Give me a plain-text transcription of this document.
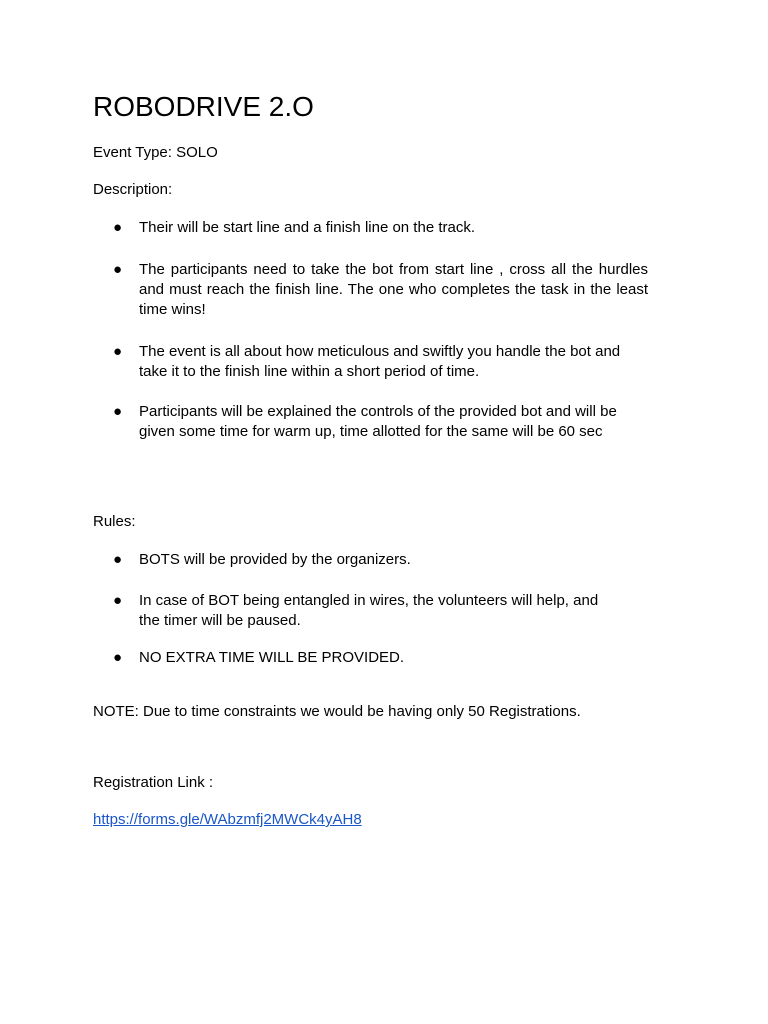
ROBODRIVE 2.O

Event Type: SOLO

Description:

●	Their will be start line and a finish line on the track.

●	The participants need to take the bot from start line , cross all the hurdles and must reach the finish line. The one who completes the task in the least time wins!

●	The event is all about how meticulous and swiftly you handle the bot and take it to the finish line within a short period of time.

●	Participants will be explained the controls of the provided bot and will be given some time for warm up, time allotted for the same will be 60 sec

Rules:

●	BOTS will be provided by the organizers.

●	In case of BOT being entangled in wires, the volunteers will help, and the timer will be paused.

●	NO EXTRA TIME WILL BE PROVIDED.

NOTE: Due to time constraints we would be having only 50 Registrations.

Registration Link :

https://forms.gle/WAbzmfj2MWCk4yAH8
